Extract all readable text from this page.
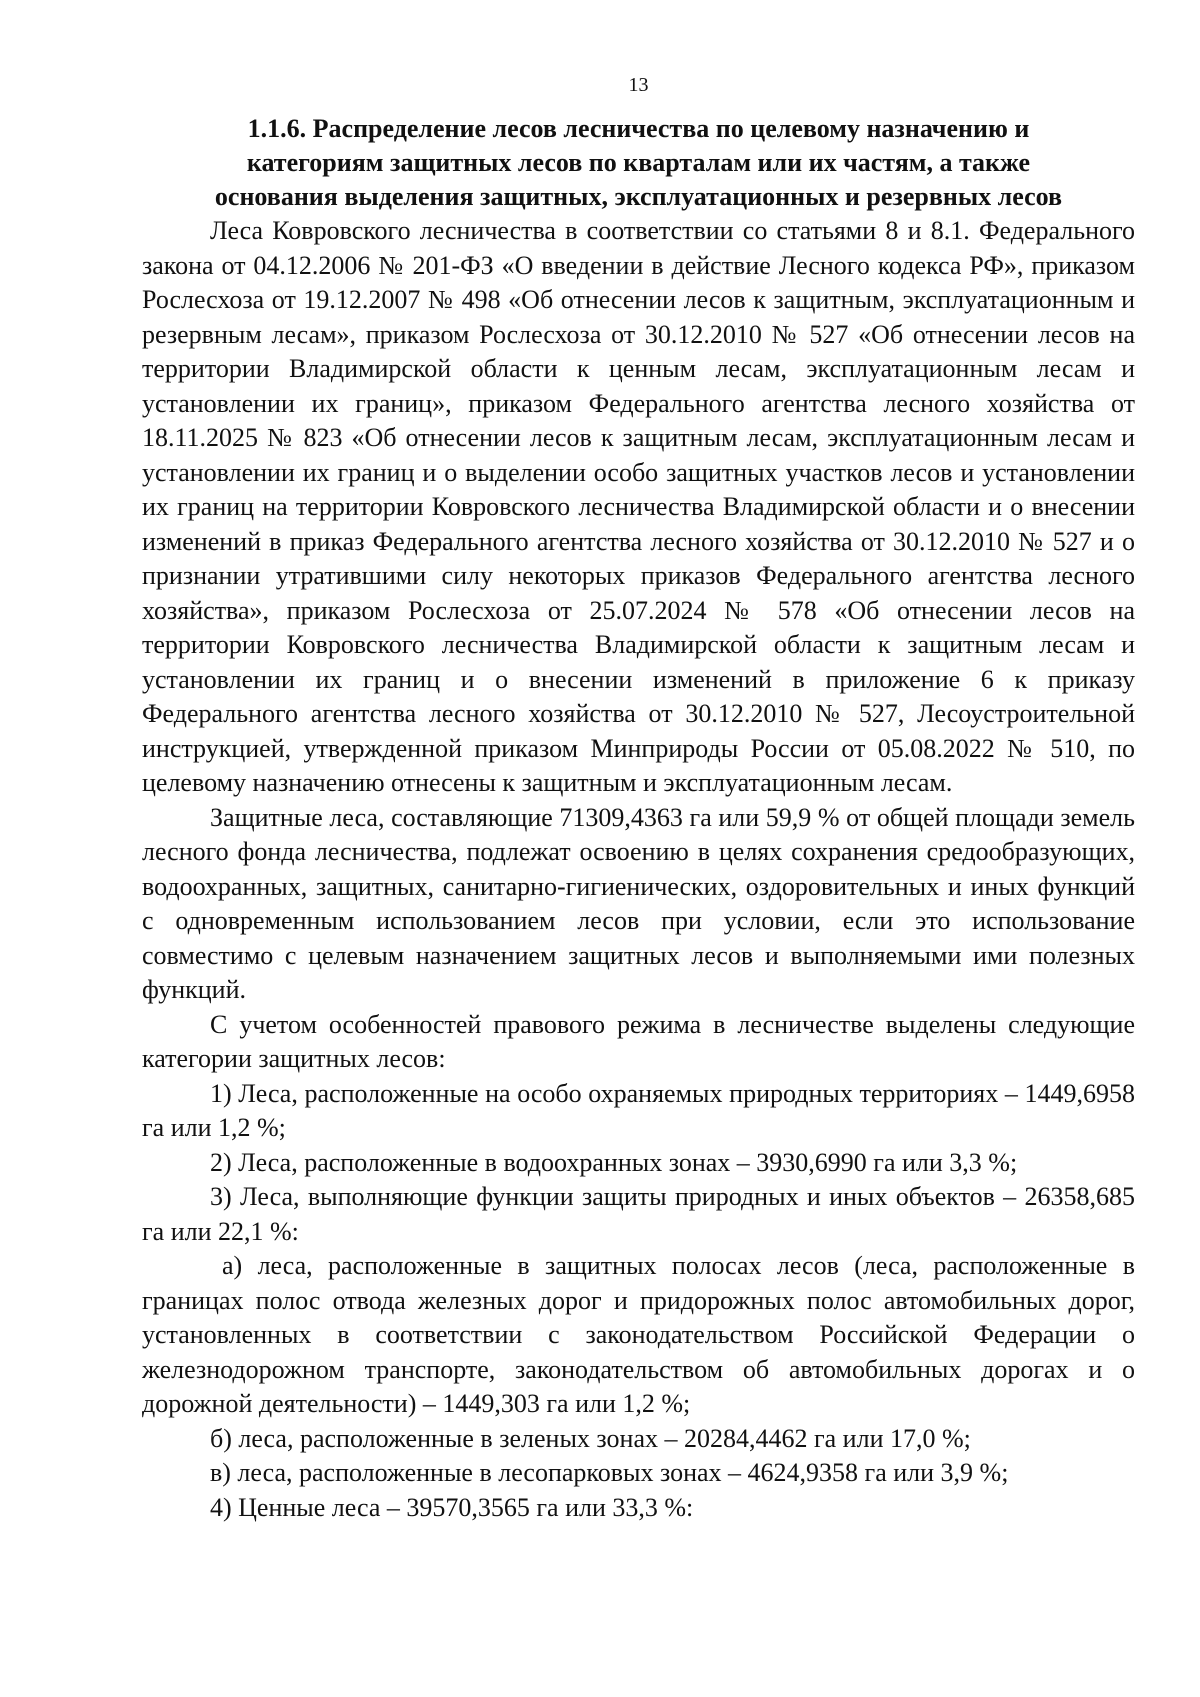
13
1.1.6. Распределение лесов лесничества по целевому назначению и
категориям защитных лесов по кварталам или их частям, а также
основания выделения защитных, эксплуатационных и резервных лесов

Леса Ковровского лесничества в соответствии со статьями 8 и 8.1. Федерального закона от 04.12.2006 № 201-ФЗ «О введении в действие Лесного кодекса РФ», приказом Рослесхоза от 19.12.2007 № 498 «Об отнесении лесов к защитным, эксплуатационным и резервным лесам», приказом Рослесхоза от 30.12.2010 № 527 «Об отнесении лесов на территории Владимирской области к ценным лесам, эксплуатационным лесам и установлении их границ», приказом Федерального агентства лесного хозяйства от 18.11.2025 № 823 «Об отнесении лесов к защитным лесам, эксплуатационным лесам и установлении их границ и о выделении особо защитных участков лесов и установлении их границ на территории Ковровского лесничества Владимирской области и о внесении изменений в приказ Федерального агентства лесного хозяйства от 30.12.2010 № 527 и о признании утратившими силу некоторых приказов Федерального агентства лесного хозяйства», приказом Рослесхоза от 25.07.2024 № 578 «Об отнесении лесов на территории Ковровского лесничества Владимирской области к защитным лесам и установлении их границ и о внесении изменений в приложение 6 к приказу Федерального агентства лесного хозяйства от 30.12.2010 № 527, Лесоустроительной инструкцией, утвержденной приказом Минприроды России от 05.08.2022 № 510, по целевому назначению отнесены к защитным и эксплуатационным лесам.

Защитные леса, составляющие 71309,4363 га или 59,9 % от общей площади земель лесного фонда лесничества, подлежат освоению в целях сохранения средообразующих, водоохранных, защитных, санитарно-гигиенических, оздоровительных и иных функций с одновременным использованием лесов при условии, если это использование совместимо с целевым назначением защитных лесов и выполняемыми ими полезных функций.

С учетом особенностей правового режима в лесничестве выделены следующие категории защитных лесов:

1) Леса, расположенные на особо охраняемых природных территориях – 1449,6958 га или 1,2 %;

2) Леса, расположенные в водоохранных зонах – 3930,6990 га или 3,3 %;

3) Леса, выполняющие функции защиты природных и иных объектов – 26358,685 га или 22,1 %:

а) леса, расположенные в защитных полосах лесов (леса, расположенные в границах полос отвода железных дорог и придорожных полос автомобильных дорог, установленных в соответствии с законодательством Российской Федерации о железнодорожном транспорте, законодательством об автомобильных дорогах и о дорожной деятельности) – 1449,303 га или 1,2 %;

б) леса, расположенные в зеленых зонах – 20284,4462 га или 17,0 %;

в) леса, расположенные в лесопарковых зонах – 4624,9358 га или 3,9 %;

4) Ценные леса – 39570,3565 га или 33,3 %:
